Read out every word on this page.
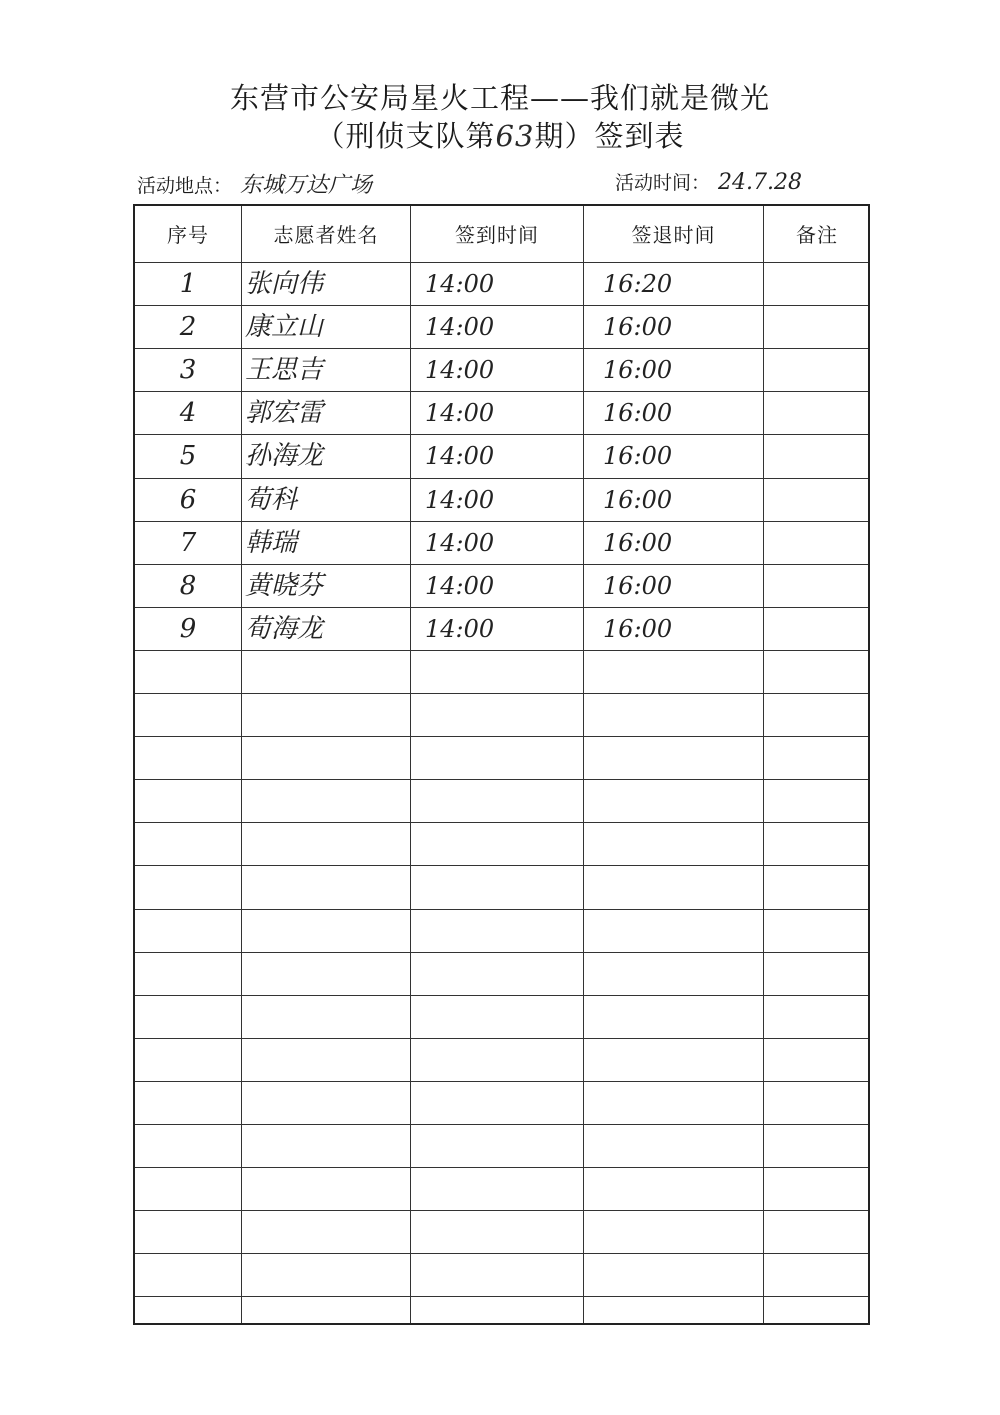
东营市公安局星火工程——我们就是微光
（刑侦支队第63期）签到表
活动地点： 东城万达广场	活动时间： 24.7.28
序号	志愿者姓名	签到时间	签退时间	备注
1	张向伟	14:00	16:20
2	康立山	14:00	16:00
3	王思吉	14:00	16:00
4	郭宏雷	14:00	16:00
5	孙海龙	14:00	16:00
6	荀科	14:00	16:00
7	韩瑞	14:00	16:00
8	黄晓芬	14:00	16:00
9	荀海龙	14:00	16:00
